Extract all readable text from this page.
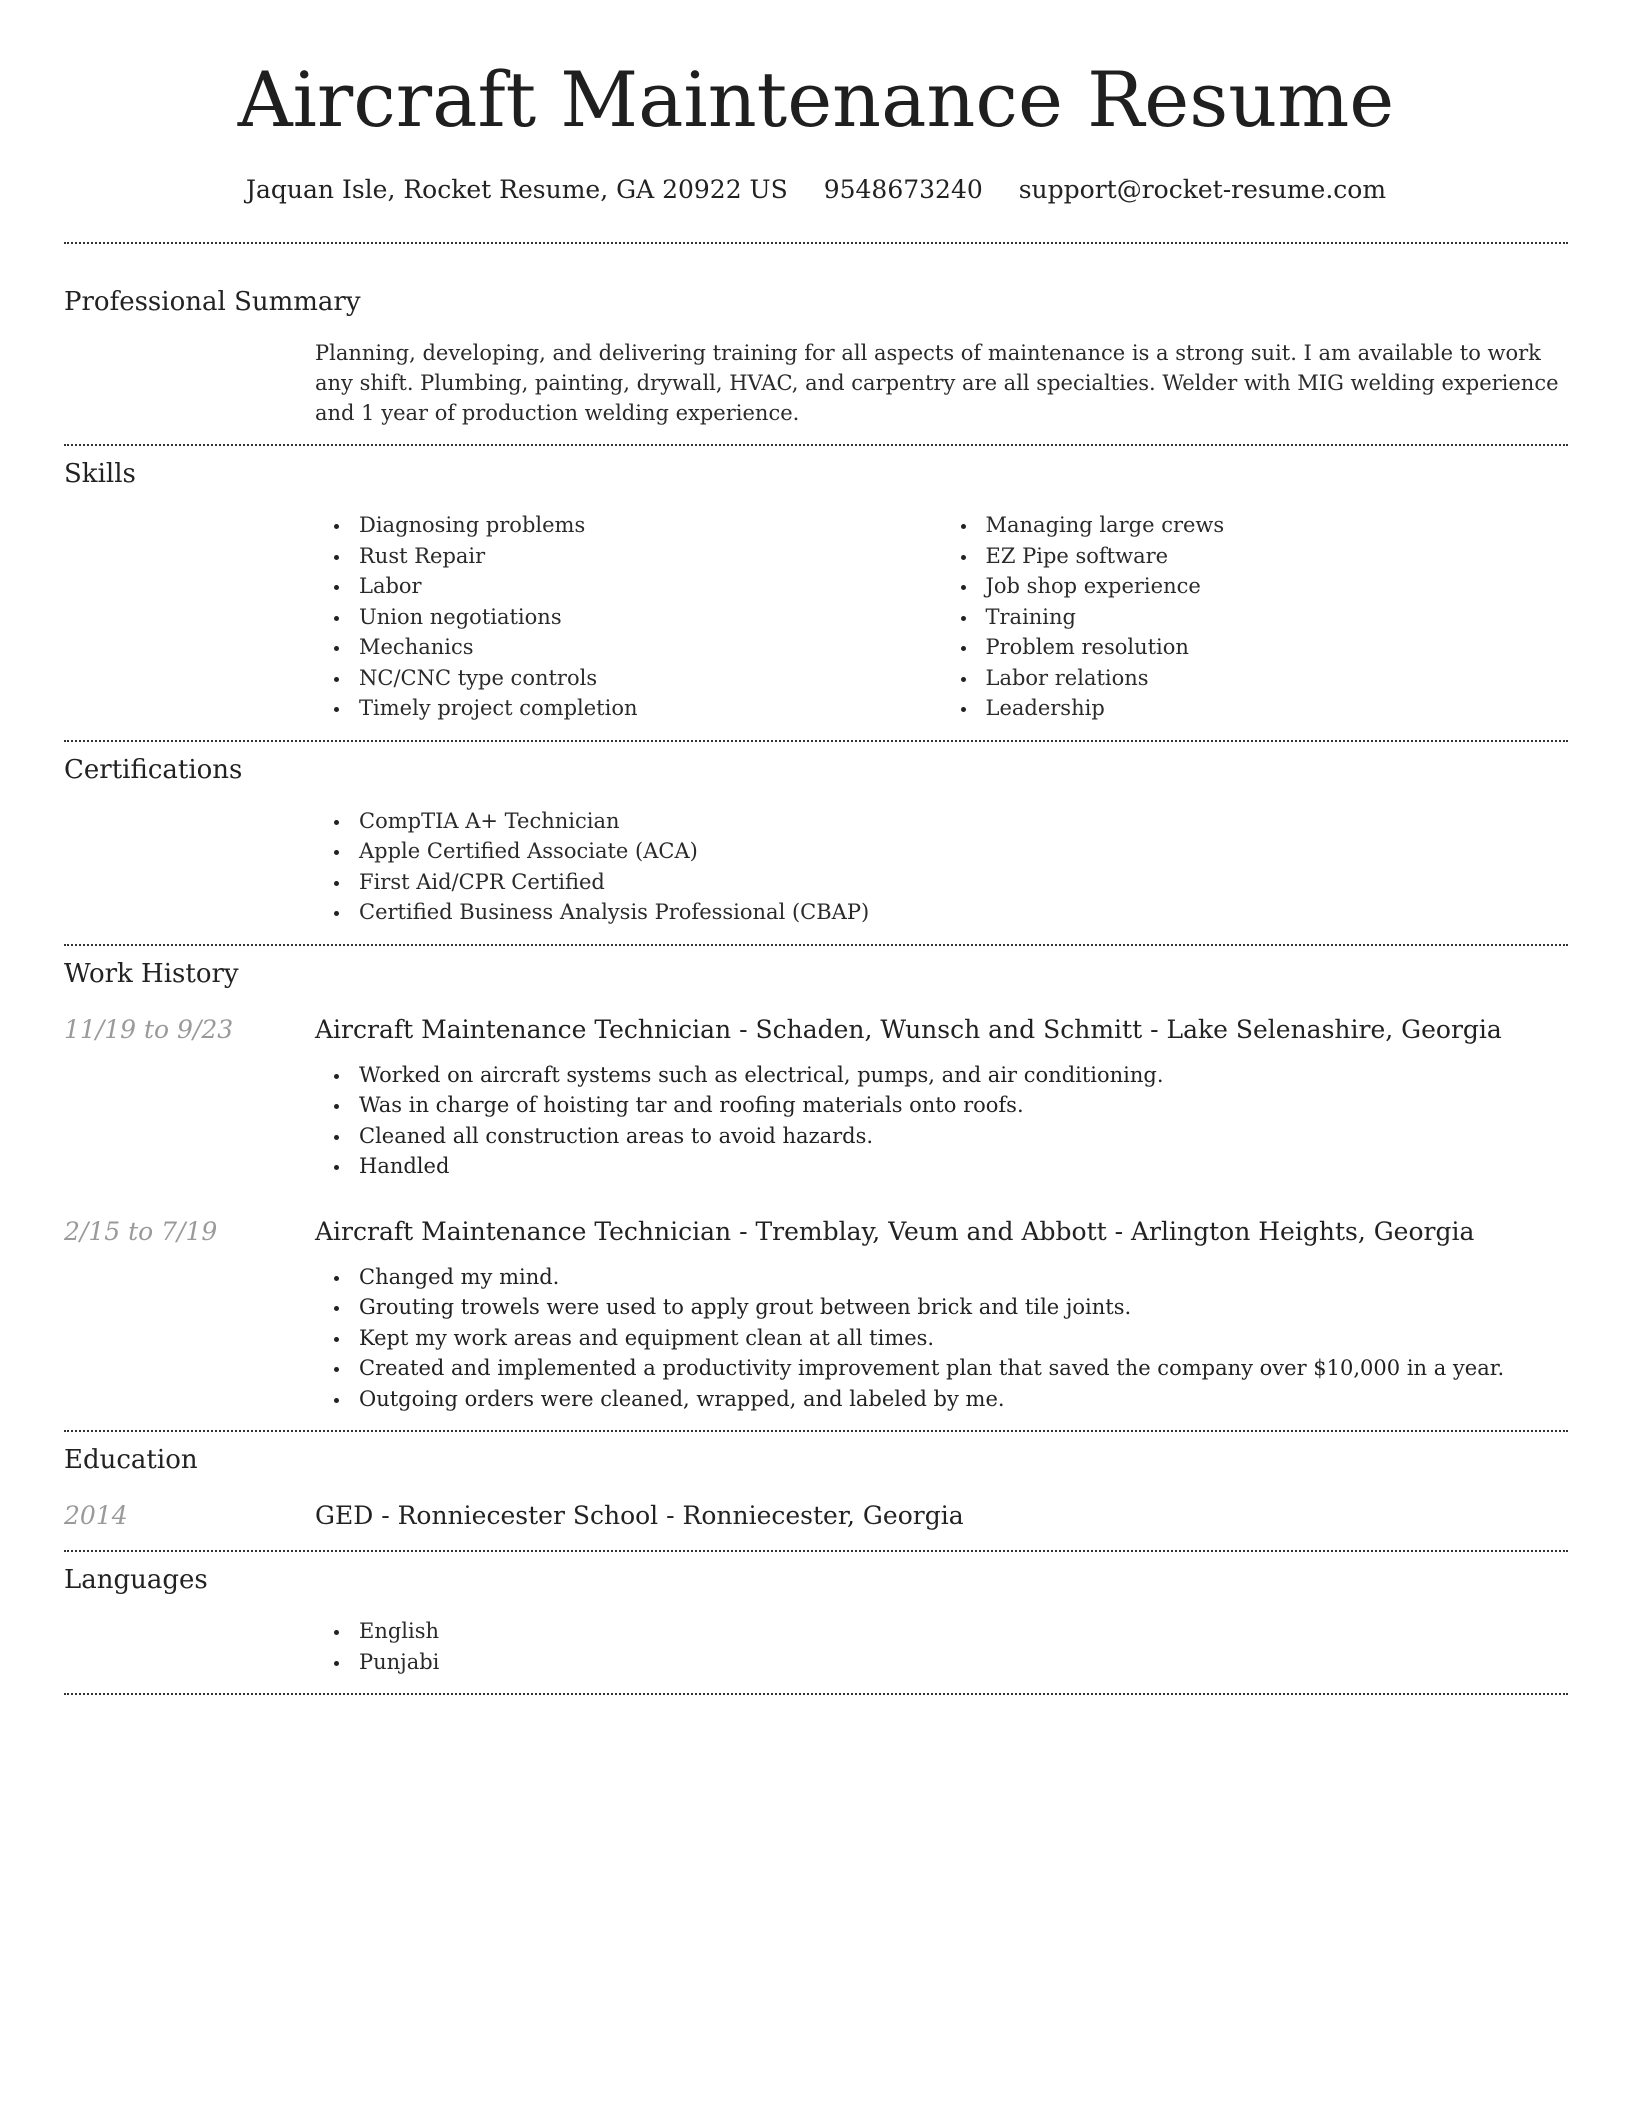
Aircraft Maintenance Resume
Jaquan Isle, Rocket Resume, GA 20922 US 9548673240 support@rocket-resume.com
Professional Summary
Planning, developing, and delivering training for all aspects of maintenance is a strong suit. I am available to work any shift. Plumbing, painting, drywall, HVAC, and carpentry are all specialties. Welder with MIG welding experience and 1 year of production welding experience.
Skills
Diagnosing problems
Rust Repair
Labor
Union negotiations
Mechanics
NC/CNC type controls
Timely project completion
Managing large crews
EZ Pipe software
Job shop experience
Training
Problem resolution
Labor relations
Leadership
Certifications
CompTIA A+ Technician
Apple Certified Associate (ACA)
First Aid/CPR Certified
Certified Business Analysis Professional (CBAP)
Work History
11/19 to 9/23	Aircraft Maintenance Technician - Schaden, Wunsch and Schmitt - Lake Selenashire, Georgia
Worked on aircraft systems such as electrical, pumps, and air conditioning.
Was in charge of hoisting tar and roofing materials onto roofs.
Cleaned all construction areas to avoid hazards.
Handled
2/15 to 7/19	Aircraft Maintenance Technician - Tremblay, Veum and Abbott - Arlington Heights, Georgia
Changed my mind.
Grouting trowels were used to apply grout between brick and tile joints.
Kept my work areas and equipment clean at all times.
Created and implemented a productivity improvement plan that saved the company over $10,000 in a year.
Outgoing orders were cleaned, wrapped, and labeled by me.
Education
2014	GED - Ronniecester School - Ronniecester, Georgia
Languages
English
Punjabi
